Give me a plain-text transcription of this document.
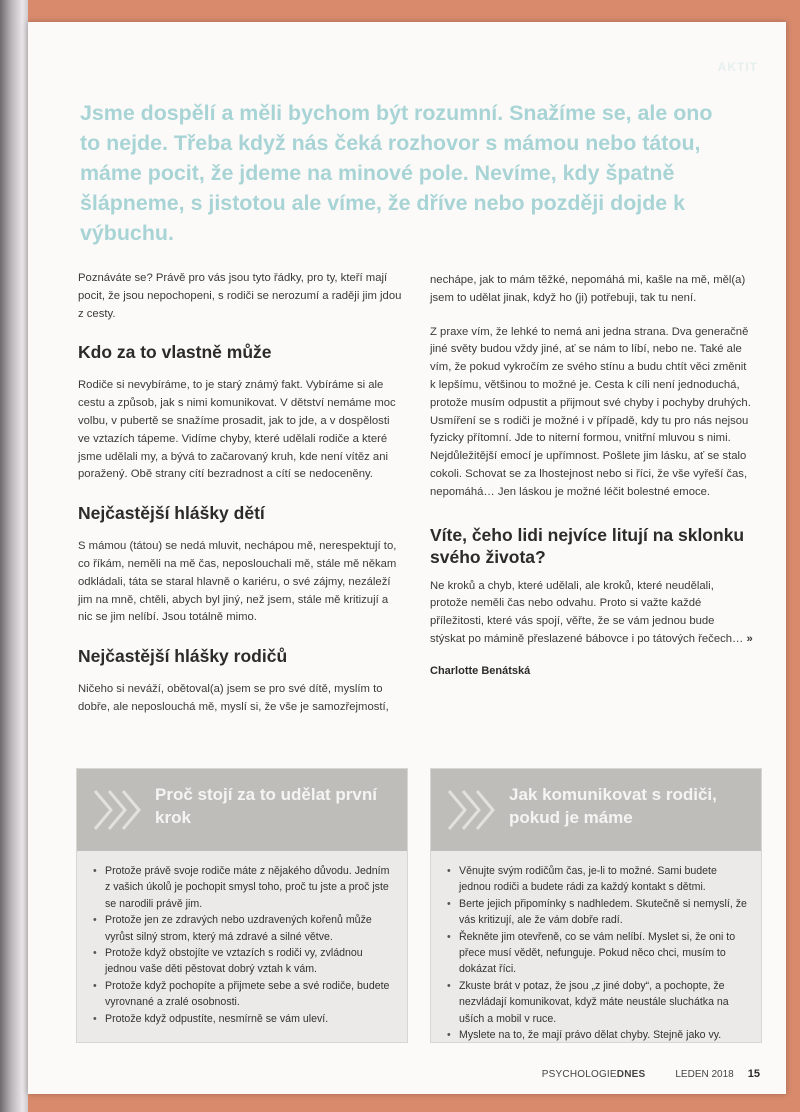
AKTIT
Jsme dospělí a měli bychom být rozumní. Snažíme se, ale ono to nejde. Třeba když nás čeká rozhovor s mámou nebo tátou, máme pocit, že jdeme na minové pole. Nevíme, kdy špatně šlápneme, s jistotou ale víme, že dříve nebo později dojde k výbuchu.

Poznáváte se? Právě pro vás jsou tyto řádky, pro ty, kteří mají pocit, že jsou nepochopeni, s rodiči se nerozumí a raději jim jdou z cesty.

Kdo za to vlastně může

Rodiče si nevybíráme, to je starý známý fakt. Vybíráme si ale cestu a způsob, jak s nimi komunikovat. V dětství nemáme moc volbu, v pubertě se snažíme prosadit, jak to jde, a v dospělosti ve vztazích tápeme. Vidíme chyby, které udělali rodiče a které jsme udělali my, a bývá to začarovaný kruh, kde není vítěz ani poražený. Obě strany cítí bezradnost a cítí se nedoceněny.

Nejčastější hlášky dětí

S mámou (tátou) se nedá mluvit, nechápou mě, nerespektují to, co říkám, neměli na mě čas, neposlouchali mě, stále mě někam odkládali, táta se staral hlavně o kariéru, o své zájmy, nezáleží jim na mně, chtěli, abych byl jiný, než jsem, stále mě kritizují a nic se jim nelíbí. Jsou totálně mimo.

Nejčastější hlášky rodičů

Ničeho si neváží, obětoval(a) jsem se pro své dítě, myslím to dobře, ale neposlouchá mě, myslí si, že vše je samozřejmostí,

nechápe, jak to mám těžké, nepomáhá mi, kašle na mě, měl(a) jsem to udělat jinak, když ho (ji) potřebuji, tak tu není.

Z praxe vím, že lehké to nemá ani jedna strana. Dva generačně jiné světy budou vždy jiné, ať se nám to líbí, nebo ne. Také ale vím, že pokud vykročím ze svého stínu a budu chtít věci změnit k lepšímu, většinou to možné je. Cesta k cíli není jednoduchá, protože musím odpustit a přijmout své chyby i pochyby druhých.

Usmíření se s rodiči je možné i v případě, kdy tu pro nás nejsou fyzicky přítomní. Jde to niterní formou, vnitřní mluvou s nimi. Nejdůležitější emocí je upřímnost. Pošlete jim lásku, ať se stalo cokoli. Schovat se za lhostejnost nebo si říci, že vše vyřeší čas, nepomáhá… Jen láskou je možné léčit bolestné emoce.

Víte, čeho lidi nejvíce litují na sklonku svého života?

Ne kroků a chyb, které udělali, ale kroků, které neudělali, protože neměli čas nebo odvahu. Proto si važte každé příležitosti, které vás spojí, věřte, že se vám jednou bude stýskat po mámině přeslazené bábovce i po tátových řečech… »

Charlotte Benátská
Proč stojí za to udělat první krok
• Protože právě svoje rodiče máte z nějakého důvodu. Jedním z vašich úkolů je pochopit smysl toho, proč tu jste a proč jste se narodili právě jim.
• Protože jen ze zdravých nebo uzdravených kořenů může vyrůst silný strom, který má zdravé a silné větve.
• Protože když obstojíte ve vztazích s rodiči vy, zvládnou jednou vaše děti pěstovat dobrý vztah k vám.
• Protože když pochopíte a přijmete sebe a své rodiče, budete vyrovnané a zralé osobnosti.
• Protože když odpustíte, nesmírně se vám uleví.
Jak komunikovat s rodiči, pokud je máme
• Věnujte svým rodičům čas, je-li to možné. Sami budete jednou rodiči a budete rádi za každý kontakt s dětmi.
• Berte jejich připomínky s nadhledem. Skutečně si nemyslí, že vás kritizují, ale že vám dobře radí.
• Řekněte jim otevřeně, co se vám nelíbí. Myslet si, že oni to přece musí vědět, nefunguje. Pokud něco chci, musím to dokázat říci.
• Zkuste brát v potaz, že jsou „z jiné doby“, a pochopte, že nezvládají komunikovat, když máte neustále sluchátka na uších a mobil v ruce.
• Myslete na to, že mají právo dělat chyby. Stejně jako vy.
PSYCHOLOGIEDNES	LEDEN 2018 15
